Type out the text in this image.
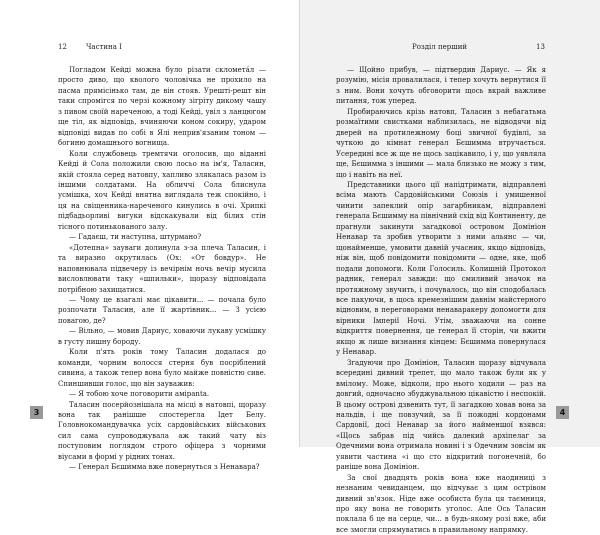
12	Частина I

Погладом Кейді можна було різати скломета́л — просто диво, що кволого чоловічка не прохило на пасма прямісінько там, де він стояв. Урешті-решт він таки спромігся по черзі кожному зігріту дикому чашу з пивом своїй нареченою, а тоді Кейді, увіл з ланцюгом ще тіл, як відповідь, вчиняючи коном сокиру, ударом відповіді видав по собі в Ялі неприв'язаним тоном — богиню домашнього вогнища.

Коли службовець тремтячи оголосив, що віданні Кейді й Сола положили свою лосьо на ім'я, Таласин, якій стояла серед натовпу, хапливо злякалась разом із іншими солдатами. На обличчі Сола блиснула усмішка, хоч Кейді внятна виглядала теж спокійно, і ця на свіщенника-нареченого кинулись в очі. Хрипкі підбадьорливі вигуки відскакували від білих стін тісного потинькованого залу.

— Гадаєш, ти наступна, штурмано?

«Дотепна» зауваги долинула з-за плеча Таласин, і та виразно окрутилась (Ох: «От бовдур». Не наповнювала підвечеру із вечірнім ночь вечір мусила висловлювати таку «шпильки», щоразу відповідала потрібною захищатися.

— Чому це взагалі має цікавити... — почала було розпочати Таласин, але її жартівник... — З усією повагою, де?

— Вільно, — мовив Дариус, ховаючи лукаву усмішку в густу пишну бороду.

Коли п'ять років тому Таласин додалася до команди, чорним волосся стерня був посріблений сивина, а також тепер вона було майже повністю сиве. Спиншивши голос, що він зауважив:

— Я тобою хоче поговорити амірanta.

Таласин посерйознішала на місці в натовпі, щоразу вона так ранішше спостерегла Ідет Белу. Головнокомандувачка усіх сардовійських військових сил сама супроводжувала аж такий чату віз поступовим поглядом строго офіцера з чорними віусами в формі у рідних тонах.

— Генерал Бєшимма вже повернуться з Ненавара?

3
Розділ перший	13

— Щойно прибув, — підтвердив Дариус. — Як я розумію, місія провалилася, і тепер хочуть вернутися її з ним. Вони хочуть обговорити щось вкрай важливе питання, тож уперед.

Пробираючись крізь натовп, Таласин з небагатьма розмаїтими свистками наблизилась, не відводячи від дверей на протилежному боці звичної будівлі, за чуткою до кімнат генерал Бєшимма втручається. Усередині все ж ще не щось зацікавило, і у, що уявляла ще, Бєшимма з іншими — мала близько не можу з тим, що і навіть на неї.

Представники цього ції напідтримати, відправлені всіма мають Сардовійськими Союзів і умишенної чинити запеклий опір загарбникам, відправлені генерала Бєшимму на північний схід від Континенту, де прагнули закинути загадкової островом Домініон Ненавар та зробив утворити з ними альянс — чи, щонайменше, умовити давній учасник, якщо відповідь, ніж він, щоб повідомити повідомити — одне, яке, щоб подали допомоги. Коли Голосиль. Колишній Протокол радник, генерал завжди: що смиливий значок на протяжному звучить, і почувалось, що він сподобалась все пакуючи, в щось кремезнішим давнім майстерного відновим, в переговорами ненаваракеру допомогти для вірники Імперії Ночі. Утім, зважаючи на сонне відкриття повернення, це генерал її сторін, чи вжити якщо ж лише визнання кінцем: Бєшимма повернулася у Ненавар.

Згадуючи про Домініон, Таласин щоразу відчувала всередині дивний трепет, що мало також були як у вмілому. Може, відколи, про нього ходили — раз на довгий, одночасно збуджувальною цікавістю і неспокій. В цьому острові дзвенить тут, її загадкою ховав вона за нальдів, і ще повзучий, за її пожодні кордонами Сардовії, досі Ненавар за його найменшої взявся: «Щось забрав під чийсь далекий архіпелаг за Одечними вона отримала новині і з Одечним зовсім як уявити частина «і що сто відкритий погонечній, бо раніше вона Домініон.

За свої двадцять років вона вже наодиниці з незнаним чевиданцем, що відчуває з цим острівом дивний зв'язок. Ніде вже особиста була ця таємниця, про яку вона не говорить уголос. Але Ось Таласин поклала б це на серце, чи... в будь-якому розі вже, аби все змогли спрямуватись в правильному напрямку.

4
